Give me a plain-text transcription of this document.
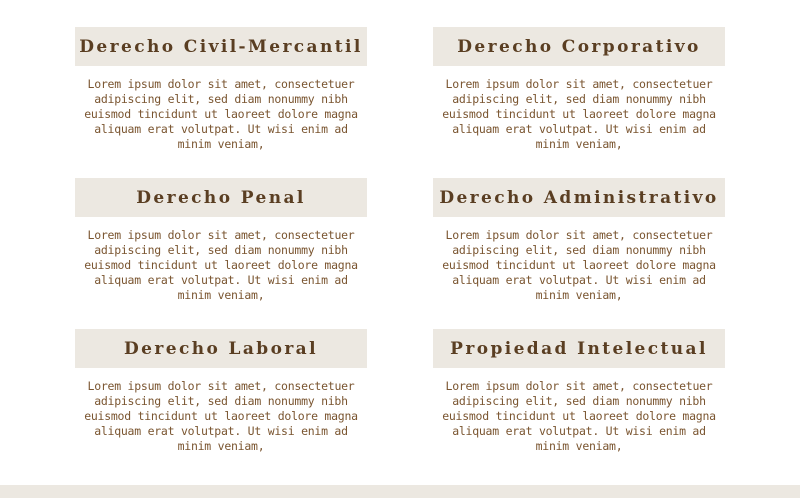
Derecho Civil-Mercantil
Lorem ipsum dolor sit amet, consectetuer adipiscing elit, sed diam nonummy nibh euismod tincidunt ut laoreet dolore magna aliquam erat volutpat. Ut wisi enim ad minim veniam,
Derecho Corporativo
Lorem ipsum dolor sit amet, consectetuer adipiscing elit, sed diam nonummy nibh euismod tincidunt ut laoreet dolore magna aliquam erat volutpat. Ut wisi enim ad minim veniam,
Derecho Penal
Lorem ipsum dolor sit amet, consectetuer adipiscing elit, sed diam nonummy nibh euismod tincidunt ut laoreet dolore magna aliquam erat volutpat. Ut wisi enim ad minim veniam,
Derecho Administrativo
Lorem ipsum dolor sit amet, consectetuer adipiscing elit, sed diam nonummy nibh euismod tincidunt ut laoreet dolore magna aliquam erat volutpat. Ut wisi enim ad minim veniam,
Derecho Laboral
Lorem ipsum dolor sit amet, consectetuer adipiscing elit, sed diam nonummy nibh euismod tincidunt ut laoreet dolore magna aliquam erat volutpat. Ut wisi enim ad minim veniam,
Propiedad Intelectual
Lorem ipsum dolor sit amet, consectetuer adipiscing elit, sed diam nonummy nibh euismod tincidunt ut laoreet dolore magna aliquam erat volutpat. Ut wisi enim ad minim veniam,
